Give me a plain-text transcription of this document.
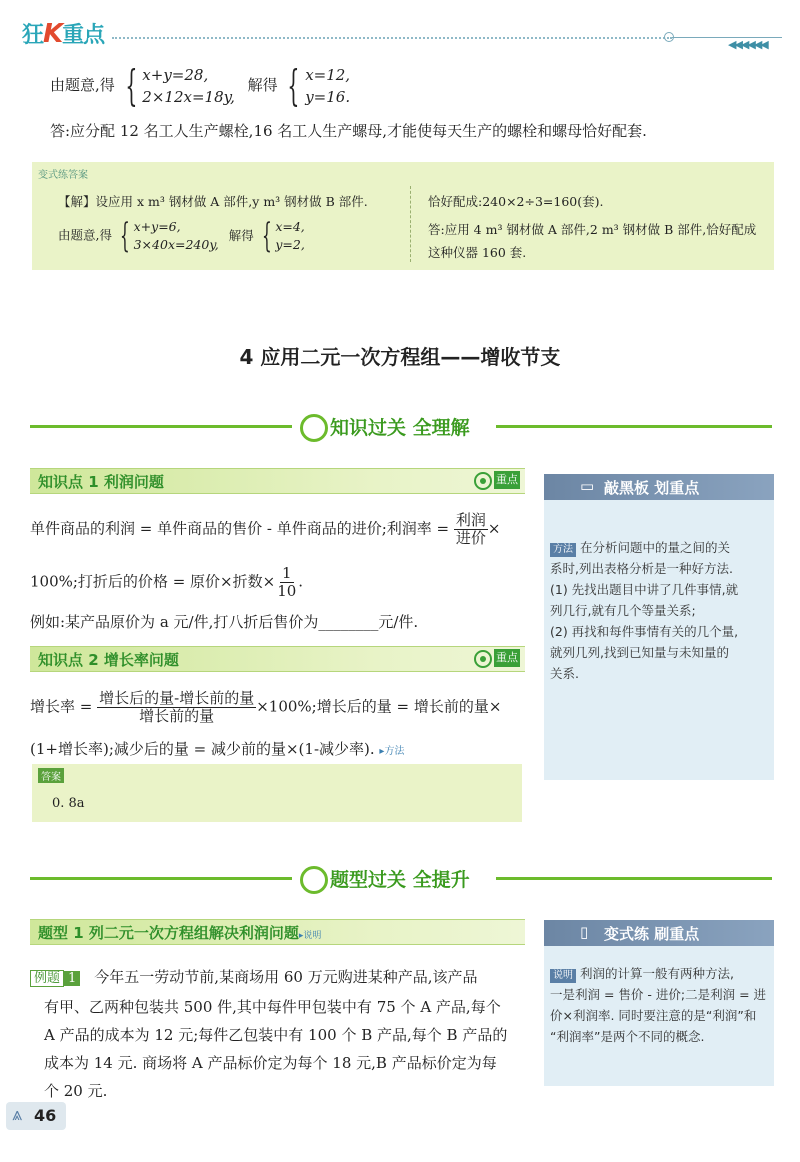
狂K重点	◀◀◀◀◀◀
由题意,得 { x+y=28,
2×12x=18y,
解得 { x=12,
y=16.
答:应分配 12 名工人生产螺栓,16 名工人生产螺母,才能使每天生产的螺栓和螺母恰好配套.
变式练答案
【解】设应用 x m³ 钢材做 A 部件,y m³ 钢材做 B 部件.
由题意,得 { x+y=6,
3×40x=240y,
解得 { x=4,
y=2,
恰好配成:240×2÷3=160(套).
答:应用 4 m³ 钢材做 A 部件,2 m³ 钢材做 B 部件,恰好配成
这种仪器 160 套.
4 应用二元一次方程组——增收节支
知识过关 全理解
知识点 1 利润问题	重点
单件商品的利润 = 单件商品的售价 - 单件商品的进价;利润率 = $\frac{\text{利润}}{\text{进价}}$ ×
100%;打折后的价格 = 原价×折数× $\frac{1}{10}$ .
例如:某产品原价为 a 元/件,打八折后售价为________元/件.
知识点 2 增长率问题	重点
增长率 = $\frac{\text{增长后的量-增长前的量}}{\text{增长前的量}} \times 100\%$;增长后的量 = 增长前的量×
(1+增长率);减少后的量 = 减少前的量×(1-减少率). ▸方法
答案
0. 8a
▭ 敲黑板 划重点
方法 在分析问题中的量之间的关
系时,列出表格分析是一种好方法.
(1) 先找出题目中讲了几件事情,就
列几行,就有几个等量关系;
(2) 再找和每件事情有关的几个量,
就列几列,找到已知量与未知量的
关系.
题型过关 全提升
题型 1 列二元一次方程组解决利润问题▸说明
例题 1 今年五一劳动节前,某商场用 60 万元购进某种产品,该产品
有甲、乙两种包装共 500 件,其中每件甲包装中有 75 个 A 产品,每个
A 产品的成本为 12 元;每件乙包装中有 100 个 B 产品,每个 B 产品的
成本为 14 元. 商场将 A 产品标价定为每个 18 元,B 产品标价定为每
个 20 元.
▯ 变式练 刷重点
说明 利润的计算一般有两种方法,
一是利润 = 售价 - 进价;二是利润 = 进
价×利润率. 同时要注意的是“利润”和
“利润率”是两个不同的概念.
⩓ 46
